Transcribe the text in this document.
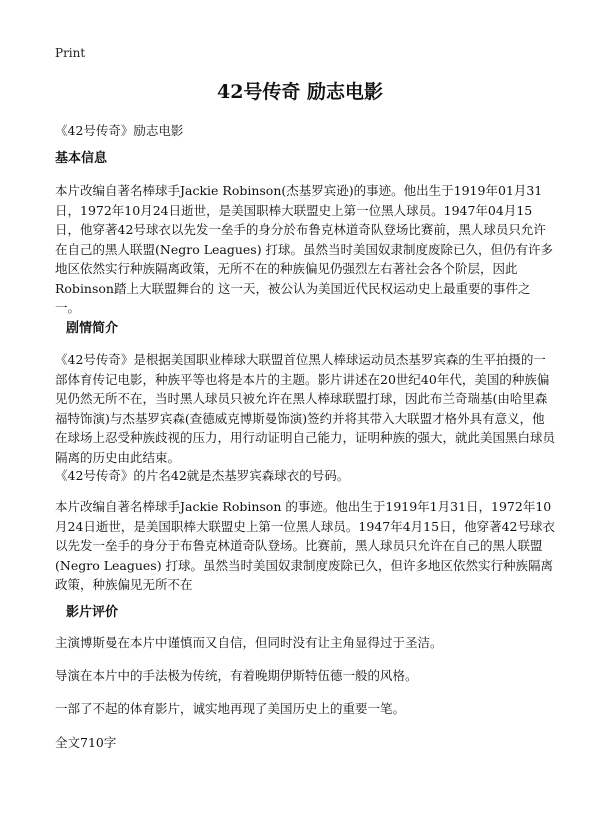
Print
42号传奇 励志电影

《42号传奇》励志电影

基本信息

本片改编自著名棒球手Jackie Robinson(杰基罗宾逊)的事迹。他出生于1919年01月31日，1972年10月24日逝世，是美国职棒大联盟史上第一位黑人球员。1947年04月15日，他穿著42号球衣以先发一垒手的身分於布鲁克林道奇队登场比赛前，黑人球员只允许在自己的黑人联盟(Negro Leagues) 打球。虽然当时美国奴隶制度废除已久，但仍有许多地区依然实行种族隔离政策，无所不在的种族偏见仍强烈左右著社会各个阶层，因此Robinson踏上大联盟舞台的 这一天，被公认为美国近代民权运动史上最重要的事件之一。

剧情简介

《42号传奇》是根据美国职业棒球大联盟首位黑人棒球运动员杰基罗宾森的生平拍摄的一部体育传记电影，种族平等也将是本片的主题。影片讲述在20世纪40年代，美国的种族偏见仍然无所不在，当时黑人球员只被允许在黑人棒球联盟打球，因此布兰奇瑞基(由哈里森福特饰演)与杰基罗宾森(查德威克博斯曼饰演)签约并将其带入大联盟才格外具有意义，他在球场上忍受种族歧视的压力，用行动证明自己能力，证明种族的强大，就此美国黑白球员隔离的历史由此结束。

《42号传奇》的片名42就是杰基罗宾森球衣的号码。

本片改编自著名棒球手Jackie Robinson 的事迹。他出生于1919年1月31日，1972年10月24日逝世，是美国职棒大联盟史上第一位黑人球员。1947年4月15日，他穿著42号球衣以先发一垒手的身分于布鲁克林道奇队登场。比赛前，黑人球员只允许在自己的黑人联盟(Negro Leagues) 打球。虽然当时美国奴隶制度废除已久，但许多地区依然实行种族隔离政策，种族偏见无所不在

影片评价

主演博斯曼在本片中谨慎而又自信，但同时没有让主角显得过于圣洁。

导演在本片中的手法极为传统，有着晚期伊斯特伍德一般的风格。

一部了不起的体育影片，诚实地再现了美国历史上的重要一笔。

全文710字
